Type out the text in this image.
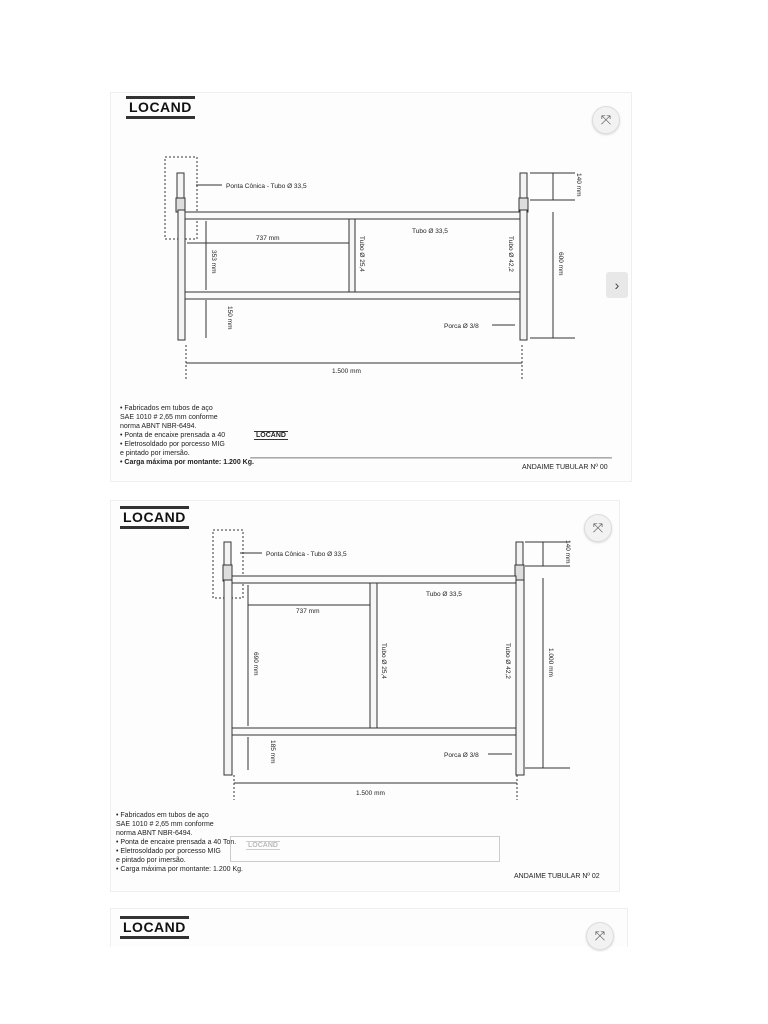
LOCAND
⤧
›
Ponta Cônica - Tubo Ø 33,5
Tubo Ø 33,5
Tubo Ø 25,4	Tubo Ø 42,2
737 mm
353 mm
150 mm
140 mm
600 mm
Porca Ø 3/8
1.500 mm
• Fabricados em tubos de aço
SAE 1010 # 2,65 mm conforme
norma ABNT NBR-6494.
• Ponta de encaixe prensada a 40
• Eletrosoldado por porcesso MIG
e pintado por imersão.
• Carga máxima por montante: 1.200 Kg.
LOCAND
ANDAIME TUBULAR Nº 00
LOCAND
⤧
Ponta Cônica - Tubo Ø 33,5
Tubo Ø 33,5
Tubo Ø 25,4	Tubo Ø 42,2
737 mm
690 mm
185 mm
140 mm
1.000 mm
Porca Ø 3/8
1.500 mm
• Fabricados em tubos de aço
SAE 1010 # 2,65 mm conforme
norma ABNT NBR-6494.
• Ponta de encaixe prensada a 40 Ton.
• Eletrosoldado por porcesso MIG
e pintado por imersão.
• Carga máxima por montante: 1.200 Kg.
LOCAND
ANDAIME TUBULAR Nº 02
LOCAND
⤧
